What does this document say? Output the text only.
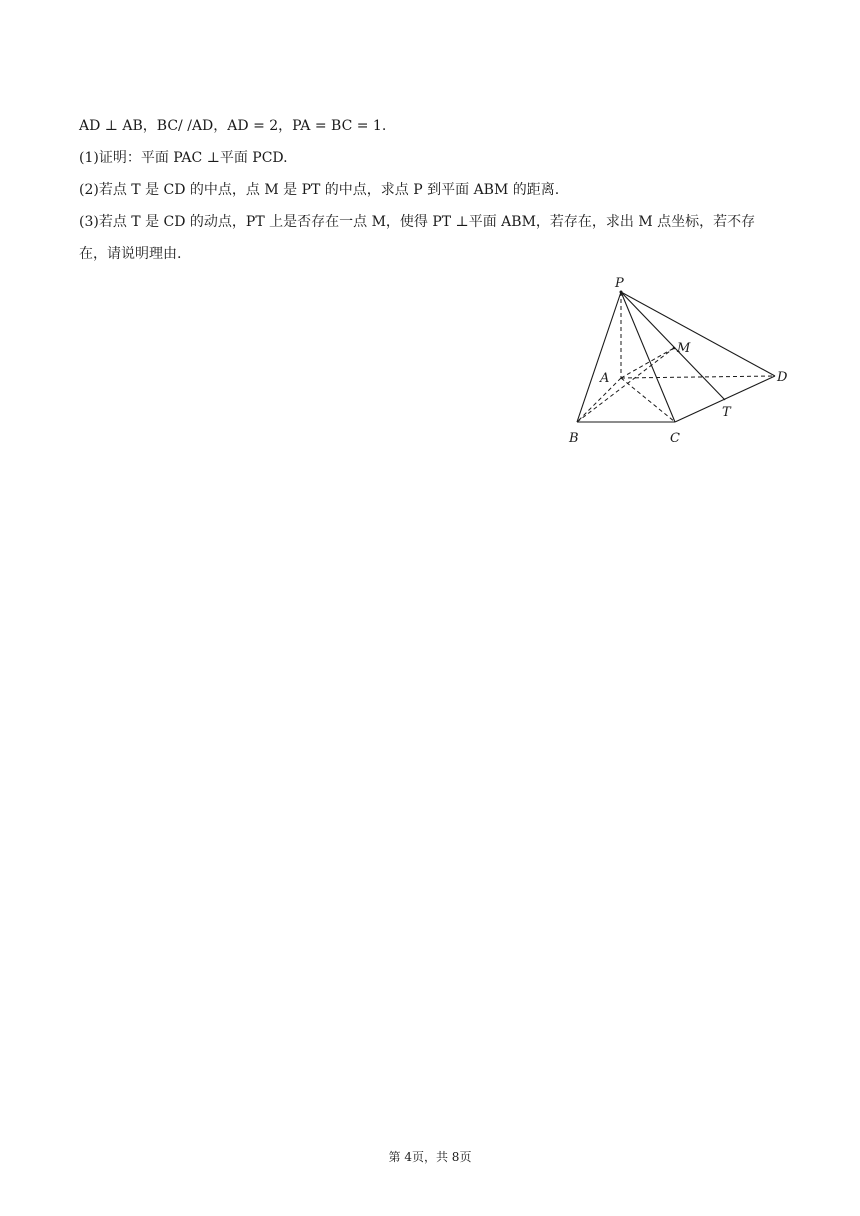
AD ⊥ AB，BC/ /AD，AD = 2，PA = BC = 1.
(1)证明：平面 PAC ⊥平面 PCD.
(2)若点 T 是 CD 的中点，点 M 是 PT 的中点，求点 P 到平面 ABM 的距离.
(3)若点 T 是 CD 的动点，PT 上是否存在一点 M，使得 PT ⊥平面 ABM，若存在，求出 M 点坐标，若不存
在，请说明理由.
P
A
B	C
D
M
T
第 4页，共 8页
